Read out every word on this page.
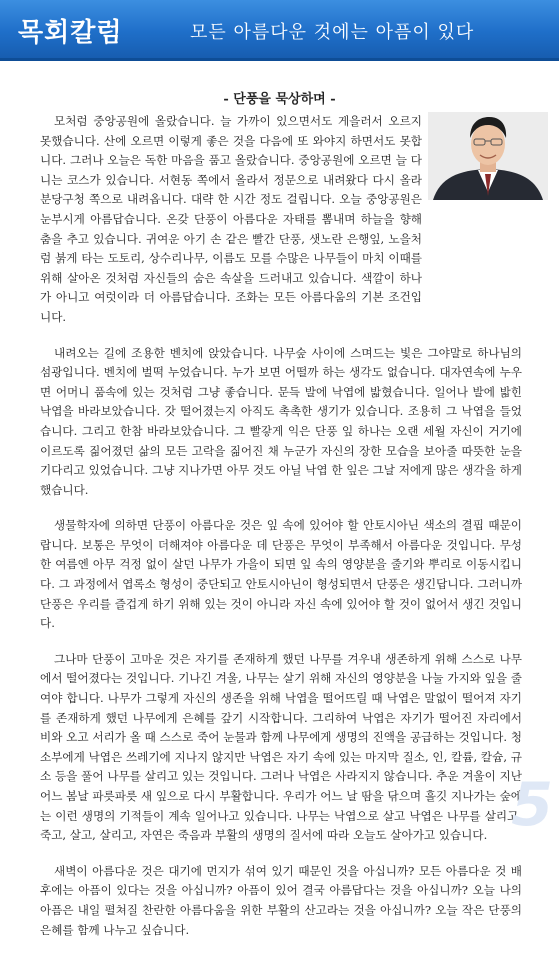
목회칼럼	모든 아름다운 것에는 아픔이 있다
- 단풍을 묵상하며 -

모처럼 중앙공원에 올랐습니다. 늘 가까이 있으면서도 게을러서 오르지 못했습니다. 산에 오르면 이렇게 좋은 것을 다음에 또 와야지 하면서도 못합니다. 그러나 오늘은 독한 마음을 품고 올랐습니다. 중앙공원에 오르면 늘 다니는 코스가 있습니다. 서현동 쪽에서 올라서 정문으로 내려왔다 다시 올라 분당구청 쪽으로 내려옵니다. 대략 한 시간 정도 걸립니다. 오늘 중앙공원은 눈부시게 아름답습니다. 온갖 단풍이 아름다운 자태를 뽐내며 하늘을 향해 춤을 추고 있습니다. 귀여운 아기 손 같은 빨간 단풍, 샛노란 은행잎, 노을처럼 붉게 타는 도토리, 상수리나무, 이름도 모를 수많은 나무들이 마치 이때를 위해 살아온 것처럼 자신들의 숨은 속살을 드러내고 있습니다. 색깔이 하나가 아니고 여럿이라 더 아름답습니다. 조화는 모든 아름다움의 기본 조건입니다.

내려오는 길에 조용한 벤치에 앉았습니다. 나무숲 사이에 스며드는 빛은 그야말로 하나님의 섬광입니다. 벤치에 벌떡 누었습니다. 누가 보면 어떨까 하는 생각도 없습니다. 대자연속에 누우면 어머니 품속에 있는 것처럼 그냥 좋습니다. 문득 발에 낙엽에 밟혔습니다. 일어나 발에 밟힌 낙엽을 바라보았습니다. 갓 떨어졌는지 아직도 촉촉한 생기가 있습니다. 조용히 그 낙엽을 들었습니다. 그리고 한참 바라보았습니다. 그 빨갛게 익은 단풍 잎 하나는 오랜 세월 자신이 거기에 이르도록 짊어졌던 삶의 모든 고락을 짊어진 채 누군가 자신의 장한 모습을 보아줄 따뜻한 눈을 기다리고 있었습니다. 그냥 지나가면 아무 것도 아닐 낙엽 한 잎은 그날 저에게 많은 생각을 하게 했습니다.

생물학자에 의하면 단풍이 아름다운 것은 잎 속에 있어야 할 안토시아닌 색소의 결핍 때문이랍니다. 보통은 무엇이 더해져야 아름다운 데 단풍은 무엇이 부족해서 아름다운 것입니다. 무성한 여름엔 아무 걱정 없이 살던 나무가 가을이 되면 잎 속의 영양분을 줄기와 뿌리로 이동시킵니다. 그 과정에서 엽록소 형성이 중단되고 안토시아닌이 형성되면서 단풍은 생긴답니다. 그러니까 단풍은 우리를 즐겁게 하기 위해 있는 것이 아니라 자신 속에 있어야 할 것이 없어서 생긴 것입니다.

그나마 단풍이 고마운 것은 자기를 존재하게 했던 나무를 겨우내 생존하게 위해 스스로 나무에서 떨어졌다는 것입니다. 기나긴 겨울, 나무는 살기 위해 자신의 영양분을 나눌 가지와 잎을 줄여야 합니다. 나무가 그렇게 자신의 생존을 위해 낙엽을 떨어뜨릴 때 낙엽은 말없이 떨어져 자기를 존재하게 했던 나무에게 은혜를 갚기 시작합니다. 그리하여 낙엽은 자기가 떨어진 자리에서 비와 오고 서리가 올 때 스스로 죽어 눈물과 함께 나무에게 생명의 진액을 공급하는 것입니다. 청소부에게 낙엽은 쓰레기에 지나지 않지만 낙엽은 자기 속에 있는 마지막 질소, 인, 칼륨, 칼슘, 규소 등을 풀어 나무를 살리고 있는 것입니다. 그러나 낙엽은 사라지지 않습니다. 추운 겨울이 지난 어느 봄날 파릇파릇 새 잎으로 다시 부활합니다. 우리가 어느 날 땀을 닦으며 흘깃 지나가는 숲에는 이런 생명의 기적들이 계속 일어나고 있습니다. 나무는 낙엽으로 살고 낙엽은 나무를 살리고, 죽고, 살고, 살리고, 자연은 죽음과 부활의 생명의 질서에 따라 오늘도 살아가고 있습니다.

새벽이 아름다운 것은 대기에 먼지가 섞여 있기 때문인 것을 아십니까? 모든 아름다운 것 배후에는 아픔이 있다는 것을 아십니까? 아픔이 있어 결국 아름답다는 것을 아십니까? 오늘 나의 아픔은 내일 펼쳐질 찬란한 아름다움을 위한 부활의 산고라는 것을 아십니까? 오늘 작은 단풍의 은혜를 함께 나누고 싶습니다.

5
